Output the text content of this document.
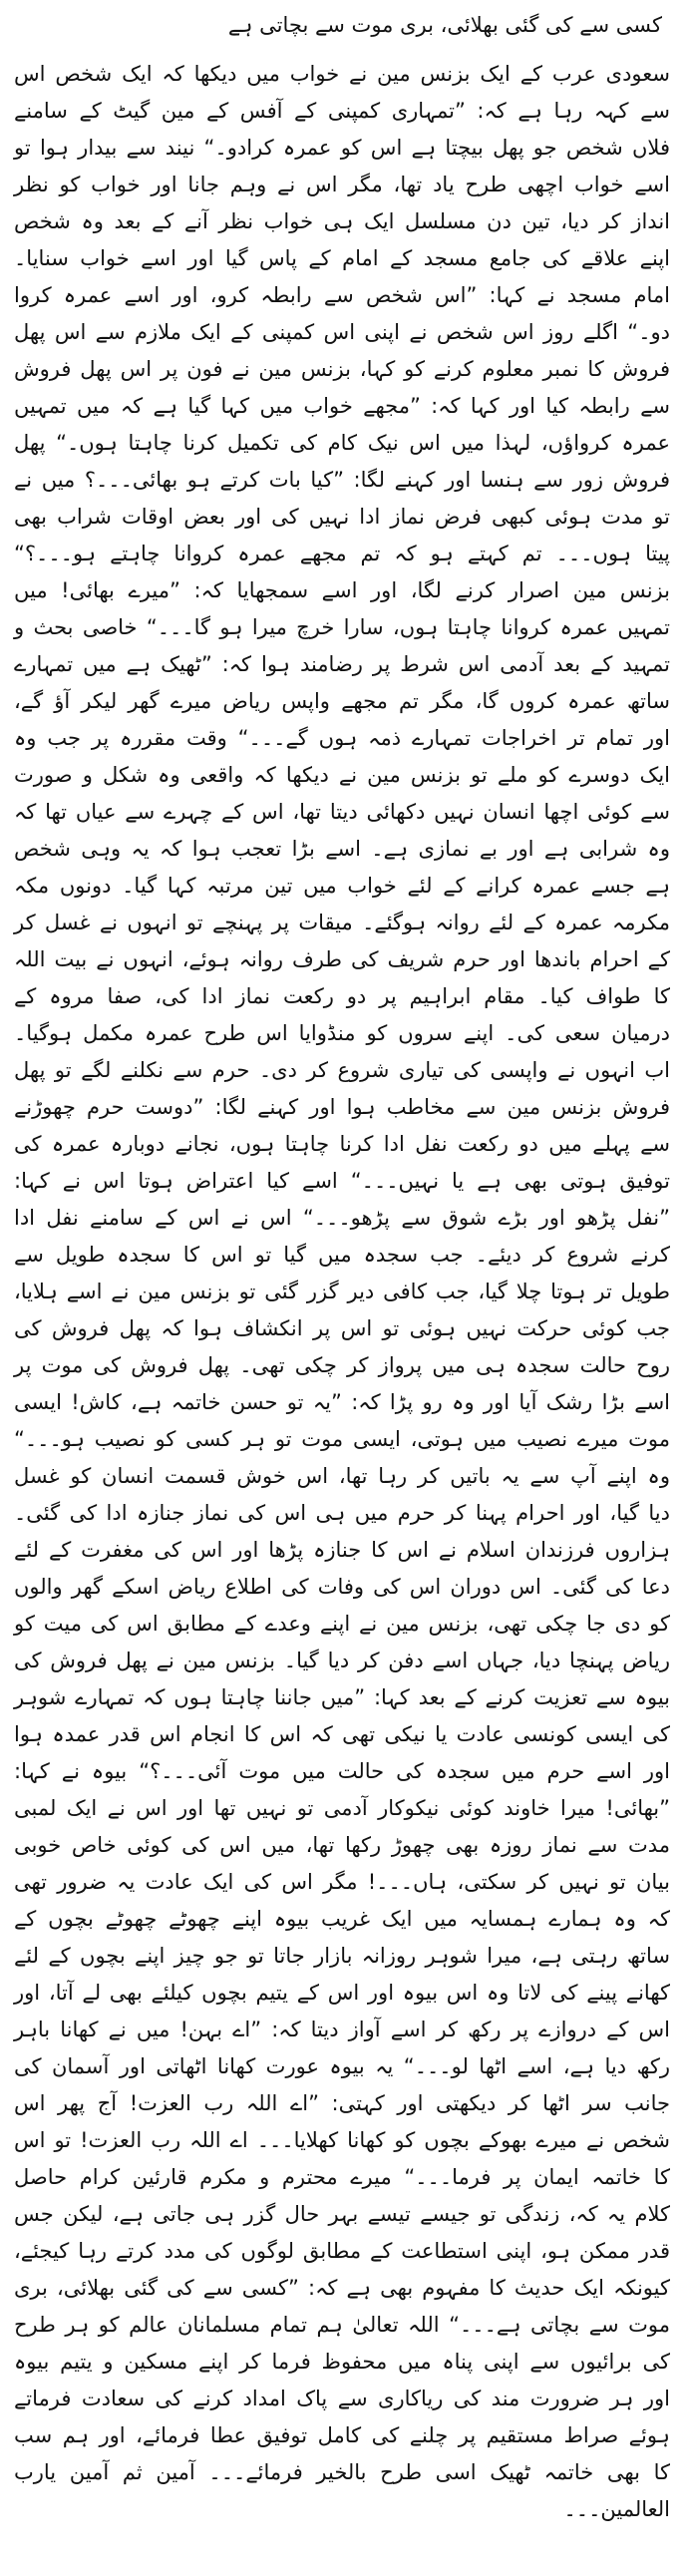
کسی سے کی گئی بھلائی، بری موت سے بچاتی ہے

سعودی عرب کے ایک بزنس مین نے خواب میں دیکھا کہ ایک شخص اس سے کہہ رہا ہے کہ: ”تمہاری کمپنی کے آفس کے مین گیٹ کے سامنے فلاں شخص جو پھل بیچتا ہے اس کو عمرہ کرادو۔“ نیند سے بیدار ہوا تو اسے خواب اچھی طرح یاد تھا، مگر اس نے وہم جانا اور خواب کو نظر انداز کر دیا، تین دن مسلسل ایک ہی خواب نظر آنے کے بعد وہ شخص اپنے علاقے کی جامع مسجد کے امام کے پاس گیا اور اسے خواب سنایا۔ امام مسجد نے کہا: ”اس شخص سے رابطہ کرو، اور اسے عمرہ کروا دو۔“ اگلے روز اس شخص نے اپنی اس کمپنی کے ایک ملازم سے اس پھل فروش کا نمبر معلوم کرنے کو کہا، بزنس مین نے فون پر اس پھل فروش سے رابطہ کیا اور کہا کہ: ”مجھے خواب میں کہا گیا ہے کہ میں تمہیں عمرہ کرواؤں، لہذا میں اس نیک کام کی تکمیل کرنا چاہتا ہوں۔“ پھل فروش زور سے ہنسا اور کہنے لگا: ”کیا بات کرتے ہو بھائی۔۔۔؟ میں نے تو مدت ہوئی کبھی فرض نماز ادا نہیں کی اور بعض اوقات شراب بھی پیتا ہوں۔۔۔ تم کہتے ہو کہ تم مجھے عمرہ کروانا چاہتے ہو۔۔۔؟“ بزنس مین اصرار کرنے لگا، اور اسے سمجھایا کہ: ”میرے بھائی! میں تمہیں عمرہ کروانا چاہتا ہوں، سارا خرچ میرا ہو گا۔۔۔“ خاصی بحث و تمہید کے بعد آدمی اس شرط پر رضامند ہوا کہ: ”ٹھیک ہے میں تمہارے ساتھ عمرہ کروں گا، مگر تم مجھے واپس ریاض میرے گھر لیکر آؤ گے، اور تمام تر اخراجات تمہارے ذمہ ہوں گے۔۔۔“ وقت مقررہ پر جب وہ ایک دوسرے کو ملے تو بزنس مین نے دیکھا کہ واقعی وہ شکل و صورت سے کوئی اچھا انسان نہیں دکھائی دیتا تھا، اس کے چہرے سے عیاں تھا کہ وہ شرابی ہے اور بے نمازی ہے۔ اسے بڑا تعجب ہوا کہ یہ وہی شخص ہے جسے عمرہ کرانے کے لئے خواب میں تین مرتبہ کہا گیا۔ دونوں مکہ مکرمہ عمرہ کے لئے روانہ ہوگئے۔ میقات پر پہنچے تو انہوں نے غسل کر کے احرام باندھا اور حرم شریف کی طرف روانہ ہوئے، انہوں نے بیت اللہ کا طواف کیا۔ مقام ابراہیم پر دو رکعت نماز ادا کی، صفا مروہ کے درمیان سعی کی۔ اپنے سروں کو منڈوایا اس طرح عمرہ مکمل ہوگیا۔ اب انہوں نے واپسی کی تیاری شروع کر دی۔ حرم سے نکلنے لگے تو پھل فروش بزنس مین سے مخاطب ہوا اور کہنے لگا: ”دوست حرم چھوڑنے سے پہلے میں دو رکعت نفل ادا کرنا چاہتا ہوں، نجانے دوبارہ عمرہ کی توفیق ہوتی بھی ہے یا نہیں۔۔۔“ اسے کیا اعتراض ہوتا اس نے کہا: ”نفل پڑھو اور بڑے شوق سے پڑھو۔۔۔“ اس نے اس کے سامنے نفل ادا کرنے شروع کر دیئے۔ جب سجدہ میں گیا تو اس کا سجدہ طویل سے طویل تر ہوتا چلا گیا، جب کافی دیر گزر گئی تو بزنس مین نے اسے ہلایا، جب کوئی حرکت نہیں ہوئی تو اس پر انکشاف ہوا کہ پھل فروش کی روح حالت سجدہ ہی میں پرواز کر چکی تھی۔ پھل فروش کی موت پر اسے بڑا رشک آیا اور وہ رو پڑا کہ: ”یہ تو حسن خاتمہ ہے، کاش! ایسی موت میرے نصیب میں ہوتی، ایسی موت تو ہر کسی کو نصیب ہو۔۔۔“ وہ اپنے آپ سے یہ باتیں کر رہا تھا، اس خوش قسمت انسان کو غسل دیا گیا، اور احرام پہنا کر حرم میں ہی اس کی نماز جنازہ ادا کی گئی۔ ہزاروں فرزندان اسلام نے اس کا جنازہ پڑھا اور اس کی مغفرت کے لئے دعا کی گئی۔ اس دوران اس کی وفات کی اطلاع ریاض اسکے گھر والوں کو دی جا چکی تھی، بزنس مین نے اپنے وعدے کے مطابق اس کی میت کو ریاض پہنچا دیا، جہاں اسے دفن کر دیا گیا۔ بزنس مین نے پھل فروش کی بیوہ سے تعزیت کرنے کے بعد کہا: ”میں جاننا چاہتا ہوں کہ تمہارے شوہر کی ایسی کونسی عادت یا نیکی تھی کہ اس کا انجام اس قدر عمدہ ہوا اور اسے حرم میں سجدہ کی حالت میں موت آئی۔۔۔؟“ بیوہ نے کہا: ”بھائی! میرا خاوند کوئی نیکوکار آدمی تو نہیں تھا اور اس نے ایک لمبی مدت سے نماز روزہ بھی چھوڑ رکھا تھا، میں اس کی کوئی خاص خوبی بیان تو نہیں کر سکتی، ہاں۔۔۔! مگر اس کی ایک عادت یہ ضرور تھی کہ وہ ہمارے ہمسایہ میں ایک غریب بیوہ اپنے چھوٹے چھوٹے بچوں کے ساتھ رہتی ہے، میرا شوہر روزانہ بازار جاتا تو جو چیز اپنے بچوں کے لئے کھانے پینے کی لاتا وہ اس بیوہ اور اس کے یتیم بچوں کیلئے بھی لے آتا، اور اس کے دروازے پر رکھ کر اسے آواز دیتا کہ: ”اے بہن! میں نے کھانا باہر رکھ دیا ہے، اسے اٹھا لو۔۔۔“ یہ بیوہ عورت کھانا اٹھاتی اور آسمان کی جانب سر اٹھا کر دیکھتی اور کہتی: ”اے اللہ رب العزت! آج پھر اس شخص نے میرے بھوکے بچوں کو کھانا کھلایا۔۔۔ اے اللہ رب العزت! تو اس کا خاتمہ ایمان پر فرما۔۔۔“ میرے محترم و مکرم قارئین کرام حاصل کلام یہ کہ، زندگی تو جیسے تیسے بہر حال گزر ہی جاتی ہے، لیکن جس قدر ممکن ہو، اپنی استطاعت کے مطابق لوگوں کی مدد کرتے رہا کیجئے، کیونکہ ایک حدیث کا مفہوم بھی ہے کہ: ”کسی سے کی گئی بھلائی، بری موت سے بچاتی ہے۔۔۔“ اللہ تعالیٰ ہم تمام مسلمانان عالم کو ہر طرح کی برائیوں سے اپنی پناہ میں محفوظ فرما کر اپنے مسکین و یتیم بیوہ اور ہر ضرورت مند کی ریاکاری سے پاک امداد کرنے کی سعادت فرماتے ہوئے صراط مستقیم پر چلنے کی کامل توفیق عطا فرمائے، اور ہم سب کا بھی خاتمہ ٹھیک اسی طرح بالخیر فرمائے۔۔۔ آمین ثم آمین یارب العالمین۔۔۔
